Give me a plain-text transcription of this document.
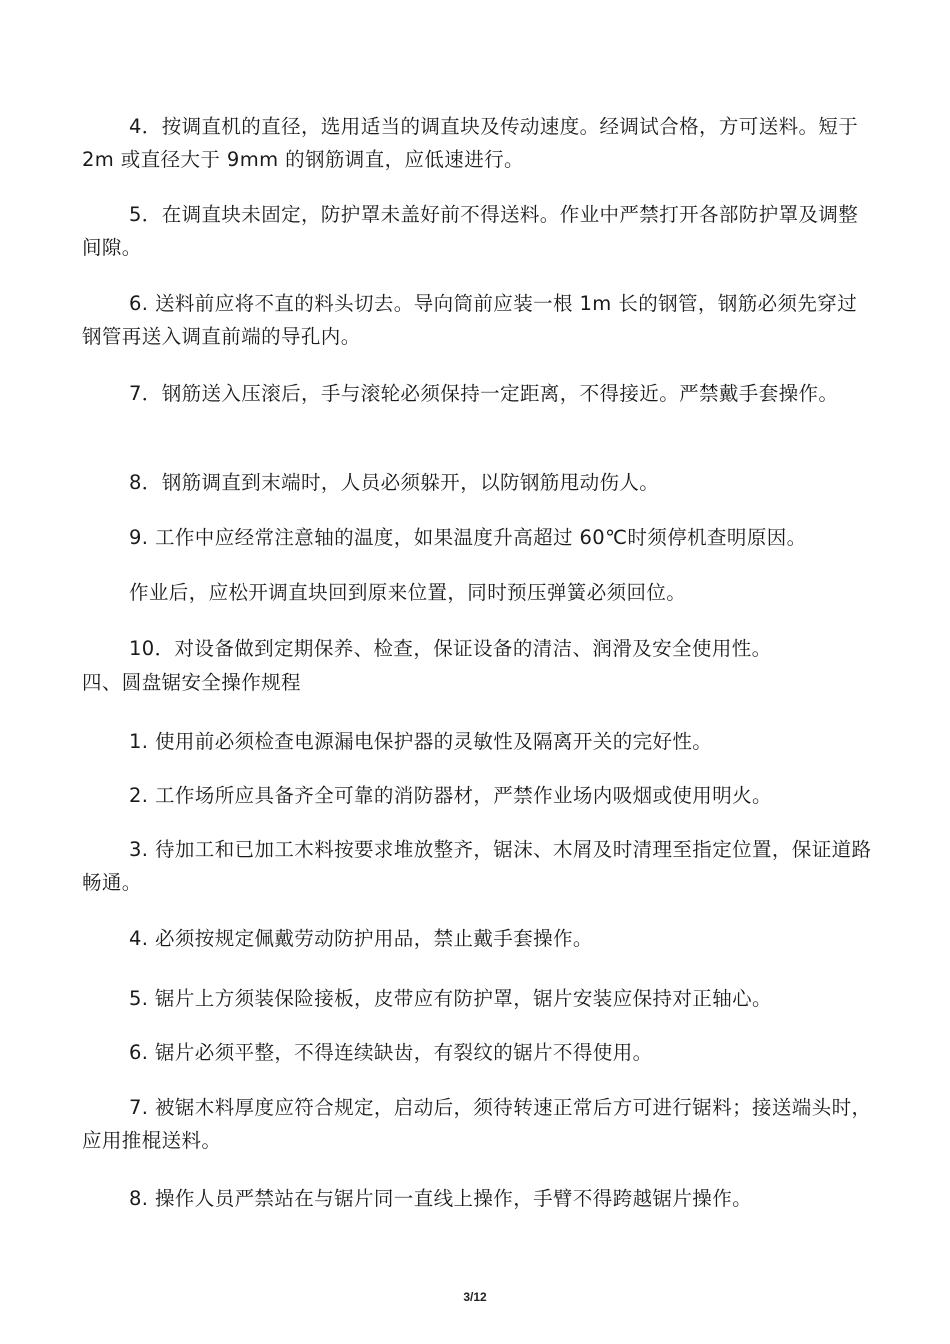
4．按调直机的直径，选用适当的调直块及传动速度。经调试合格，方可送料。短于 2m 或直径大于 9mm 的钢筋调直，应低速进行。

5．在调直块未固定，防护罩未盖好前不得送料。作业中严禁打开各部防护罩及调整间隙。

6. 送料前应将不直的料头切去。导向筒前应装一根 1m 长的钢管，钢筋必须先穿过钢管再送入调直前端的导孔内。

7．钢筋送入压滚后，手与滚轮必须保持一定距离，不得接近。严禁戴手套操作。

8．钢筋调直到末端时，人员必须躲开，以防钢筋甩动伤人。

9. 工作中应经常注意轴的温度，如果温度升高超过 60℃时须停机查明原因。

作业后，应松开调直块回到原来位置，同时预压弹簧必须回位。

10．对设备做到定期保养、检查，保证设备的清洁、润滑及安全使用性。

四、圆盘锯安全操作规程

1. 使用前必须检查电源漏电保护器的灵敏性及隔离开关的完好性。

2. 工作场所应具备齐全可靠的消防器材，严禁作业场内吸烟或使用明火。

3. 待加工和已加工木料按要求堆放整齐，锯沫、木屑及时清理至指定位置，保证道路畅通。

4. 必须按规定佩戴劳动防护用品，禁止戴手套操作。

5. 锯片上方须装保险接板，皮带应有防护罩，锯片安装应保持对正轴心。

6. 锯片必须平整，不得连续缺齿，有裂纹的锯片不得使用。

7. 被锯木料厚度应符合规定，启动后，须待转速正常后方可进行锯料；接送端头时，应用推棍送料。

8. 操作人员严禁站在与锯片同一直线上操作，手臂不得跨越锯片操作。

3/12
